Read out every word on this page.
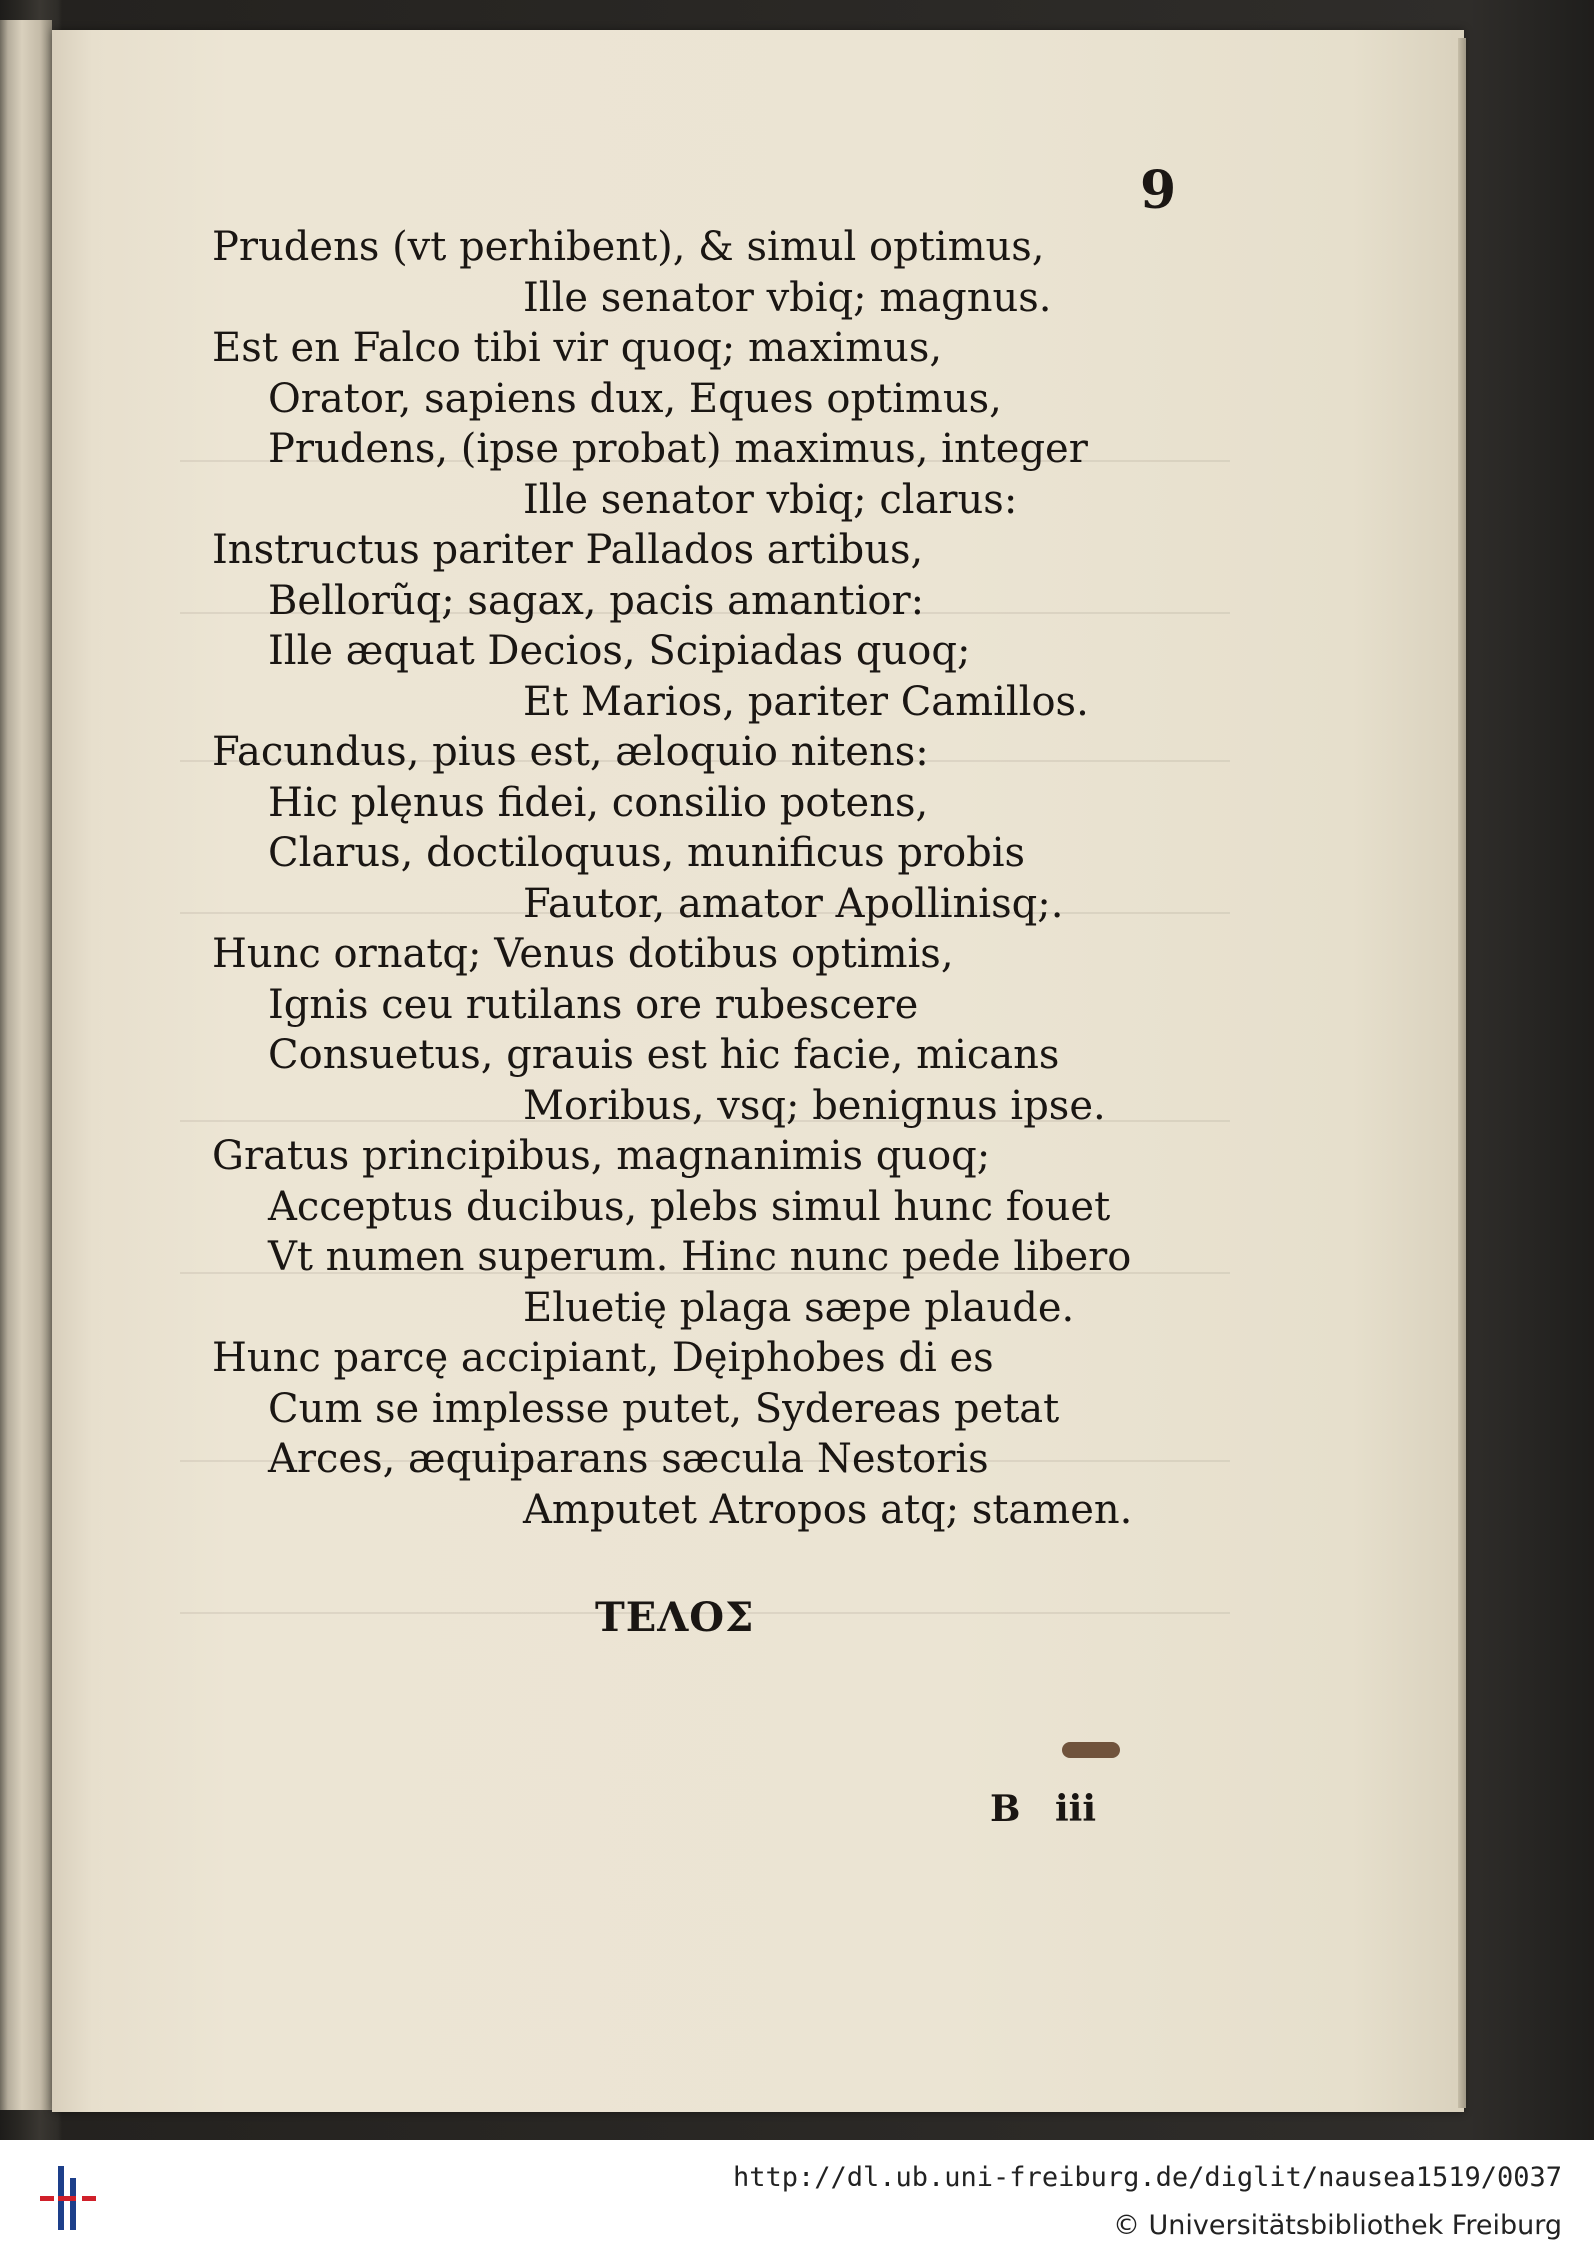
9
Prudens (vt perhibent), & simul optimus,
Ille senator vbiq; magnus.
Est en Falco tibi vir quoq; maximus,
Orator, sapiens dux, Eques optimus,
Prudens, (ipse probat) maximus, integer
Ille senator vbiq; clarus:
Instructus pariter Pallados artibus,
Bellorũq; sagax, pacis amantior:
Ille æquat Decios, Scipiadas quoq;
Et Marios, pariter Camillos.
Facundus, pius est, æloquio nitens:
Hic plęnus fidei, consilio potens,
Clarus, doctiloquus, munificus probis
Fautor, amator Apollinisq;.
Hunc ornatq; Venus dotibus optimis,
Ignis ceu rutilans ore rubescere
Consuetus, grauis est hic facie, micans
Moribus, vsq; benignus ipse.
Gratus principibus, magnanimis quoq;
Acceptus ducibus, plebs simul hunc fouet
Vt numen superum. Hinc nunc pede libero
Eluetię plaga sæpe plaude.
Hunc parcę accipiant, Dęiphobes di es
Cum se implesse putet, Sydereas petat
Arces, æquiparans sæcula Nestoris
Amputet Atropos atq; stamen.
ΤΕΛΟΣ
B iii
http://dl.ub.uni-freiburg.de/diglit/nausea1519/0037
© Universitätsbibliothek Freiburg
